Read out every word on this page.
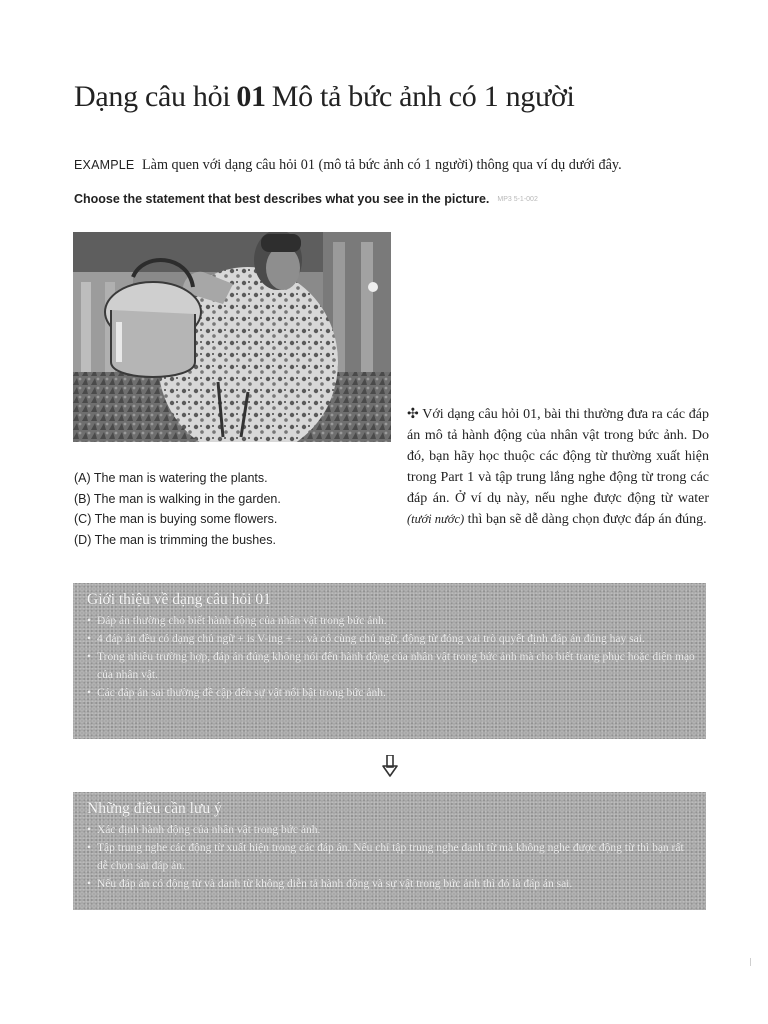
Dạng câu hỏi 01 Mô tả bức ảnh có 1 người
EXAMPLE Làm quen với dạng câu hỏi 01 (mô tả bức ảnh có 1 người) thông qua ví dụ dưới đây.
Choose the statement that best describes what you see in the picture. MP3 5-1-002
(A) The man is watering the plants.
(B) The man is walking in the garden.
(C) The man is buying some flowers.
(D) The man is trimming the bushes.
✣ Với dạng câu hỏi 01, bài thi thường đưa ra các đáp án mô tả hành động của nhân vật trong bức ảnh. Do đó, bạn hãy học thuộc các động từ thường xuất hiện trong Part 1 và tập trung lắng nghe động từ trong các đáp án. Ở ví dụ này, nếu nghe được động từ water (tưới nước) thì bạn sẽ dễ dàng chọn được đáp án đúng.
Giới thiệu về dạng câu hỏi 01
• Đáp án thường cho biết hành động của nhân vật trong bức ảnh.
• 4 đáp án đều có dạng chủ ngữ + is V-ing + ... và có cùng chủ ngữ, động từ đóng vai trò quyết định đáp án đúng hay sai.
• Trong nhiều trường hợp, đáp án đúng không nói đến hành động của nhân vật trong bức ảnh mà cho biết trang phục hoặc diện mạo của nhân vật.
• Các đáp án sai thường đề cập đến sự vật nổi bật trong bức ảnh.
Những điều cần lưu ý
• Xác định hành động của nhân vật trong bức ảnh.
• Tập trung nghe các động từ xuất hiện trong các đáp án. Nếu chỉ tập trung nghe danh từ mà không nghe được động từ thì bạn rất dễ chọn sai đáp án.
• Nếu đáp án có động từ và danh từ không diễn tả hành động và sự vật trong bức ảnh thì đó là đáp án sai.
